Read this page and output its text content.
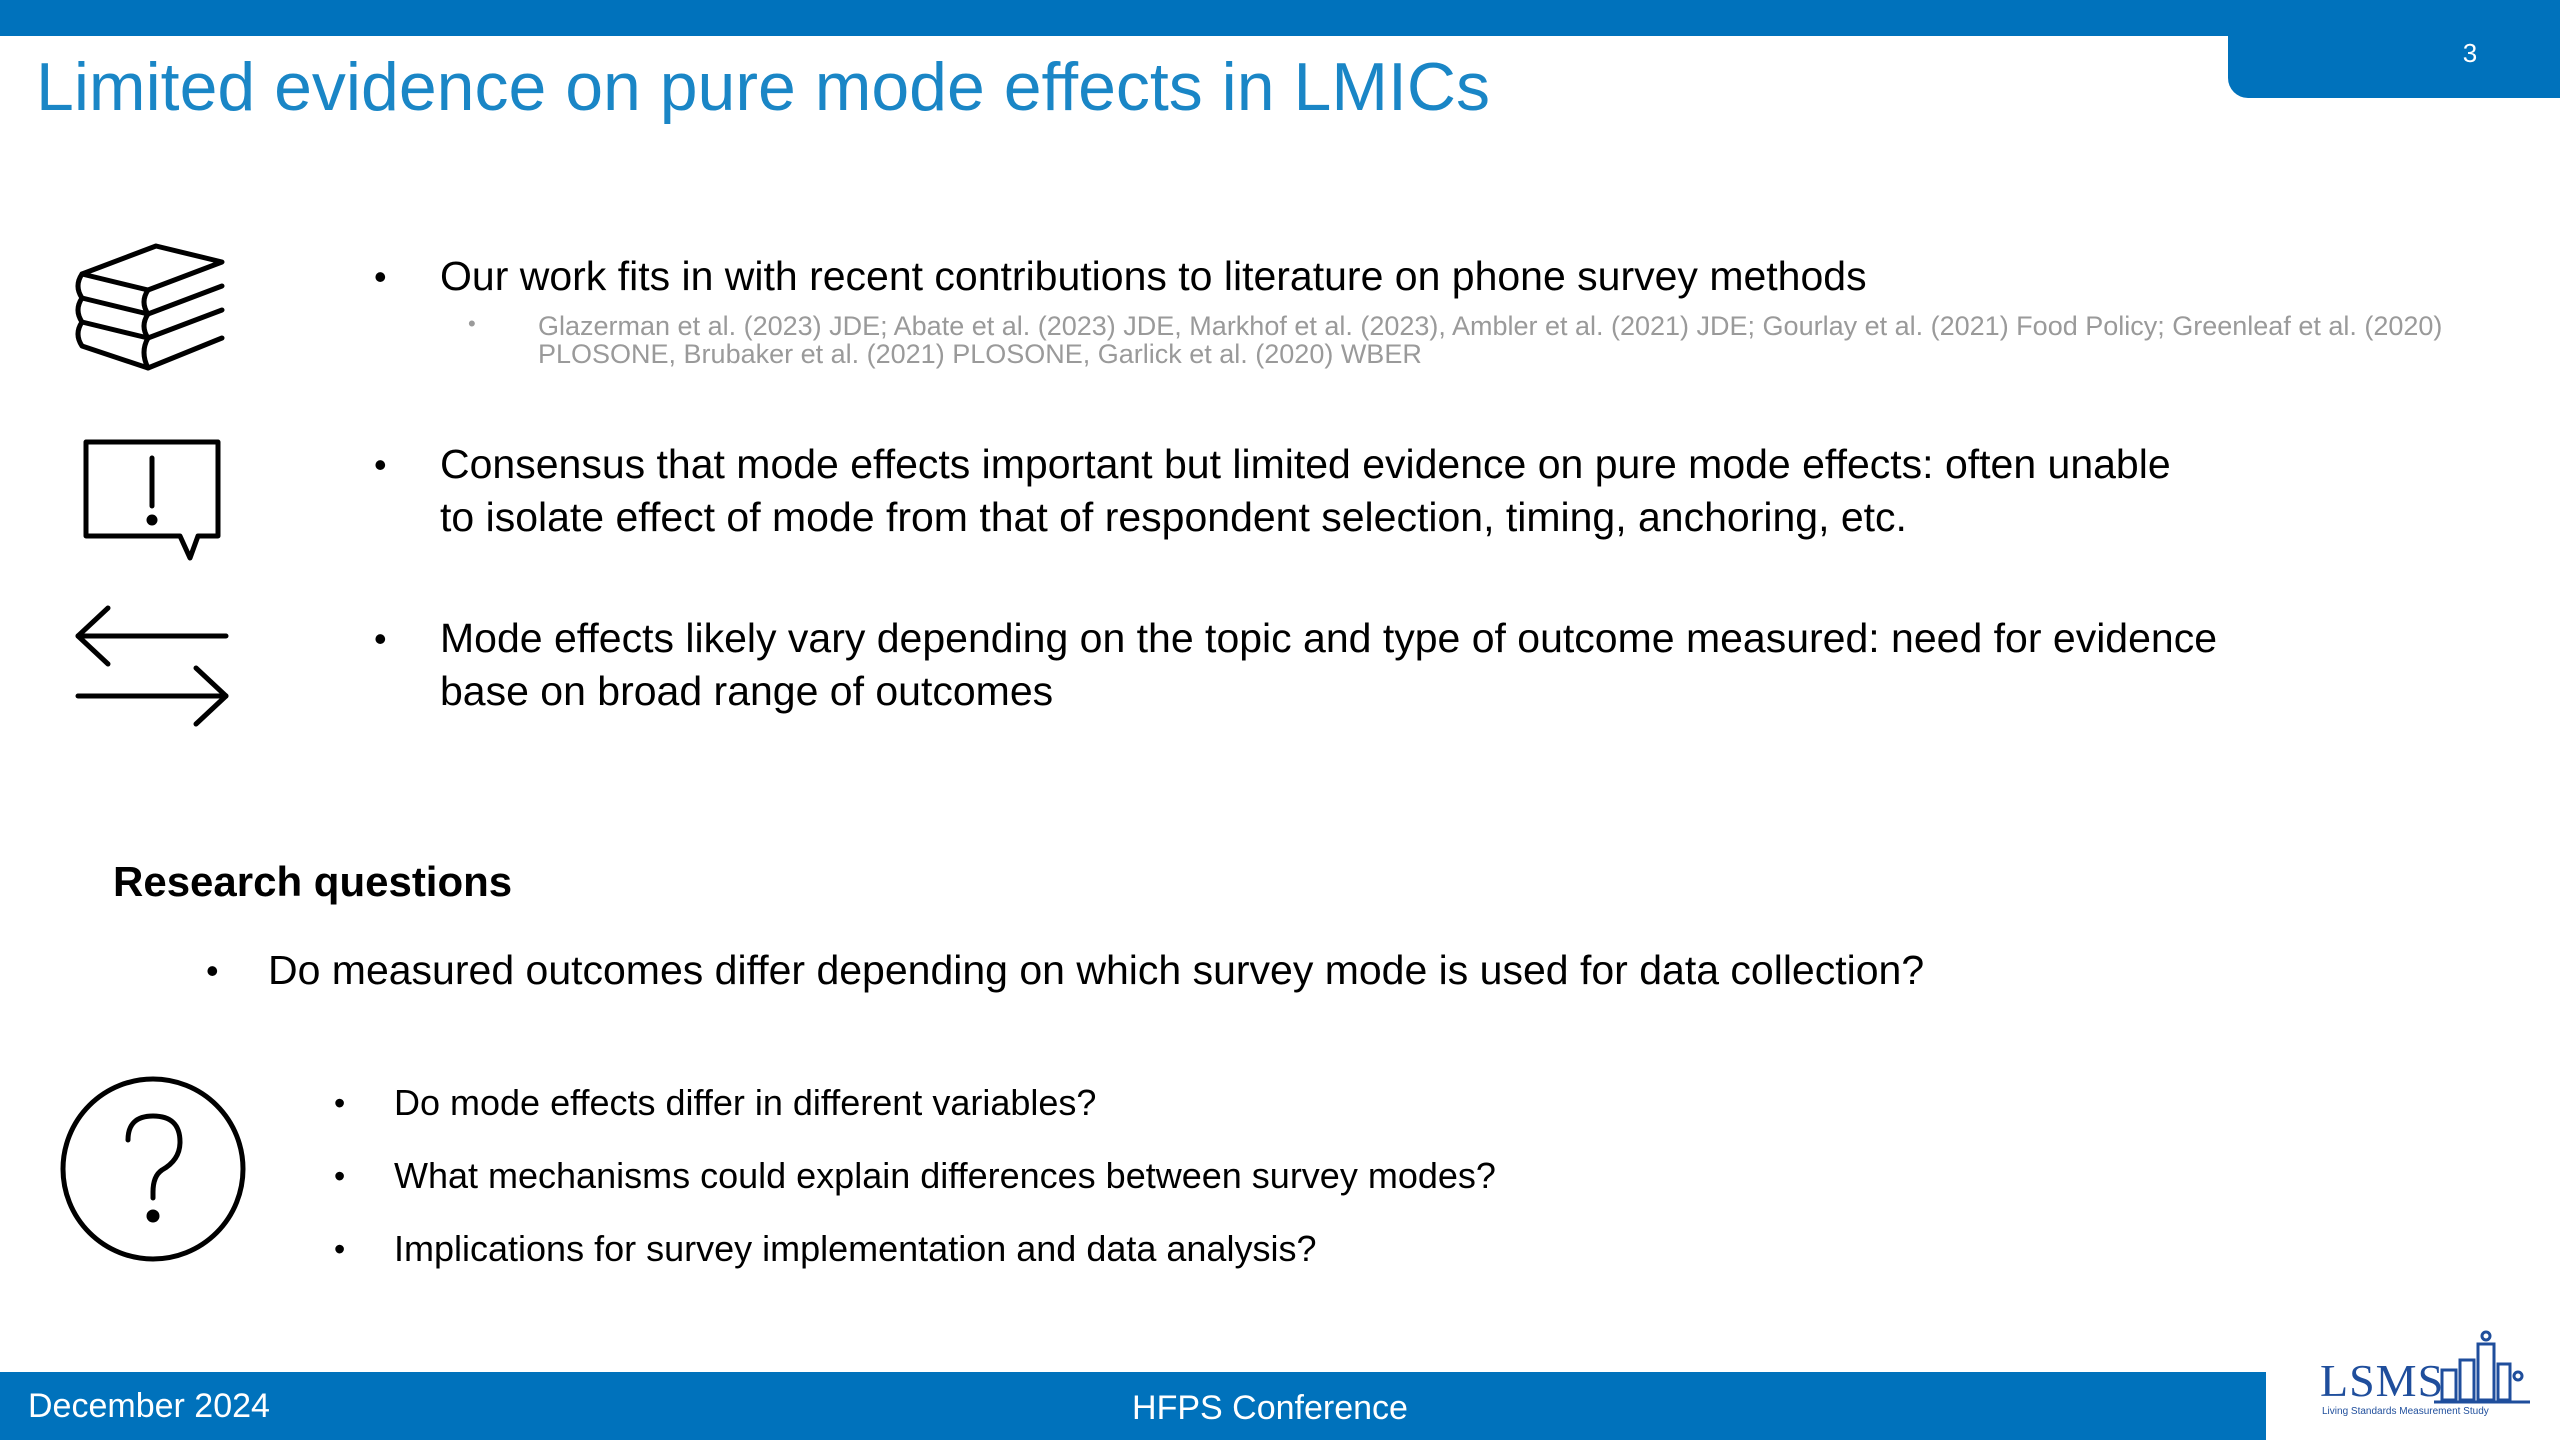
3
Limited evidence on pure mode effects in LMICs
• Our work fits in with recent contributions to literature on phone survey methods
• Glazerman et al. (2023) JDE; Abate et al. (2023) JDE, Markhof et al. (2023), Ambler et al. (2021) JDE; Gourlay et al. (2021) Food Policy; Greenleaf et al. (2020) PLOSONE, Brubaker et al. (2021) PLOSONE, Garlick et al. (2020) WBER
• Consensus that mode effects important but limited evidence on pure mode effects: often unable
to isolate effect of mode from that of respondent selection, timing, anchoring, etc.
• Mode effects likely vary depending on the topic and type of outcome measured: need for evidence
base on broad range of outcomes
Research questions
• Do measured outcomes differ depending on which survey mode is used for data collection?
• Do mode effects differ in different variables?
• What mechanisms could explain differences between survey modes?
• Implications for survey implementation and data analysis?
December 2024	HFPS Conference
LSMS
Living Standards Measurement Study
